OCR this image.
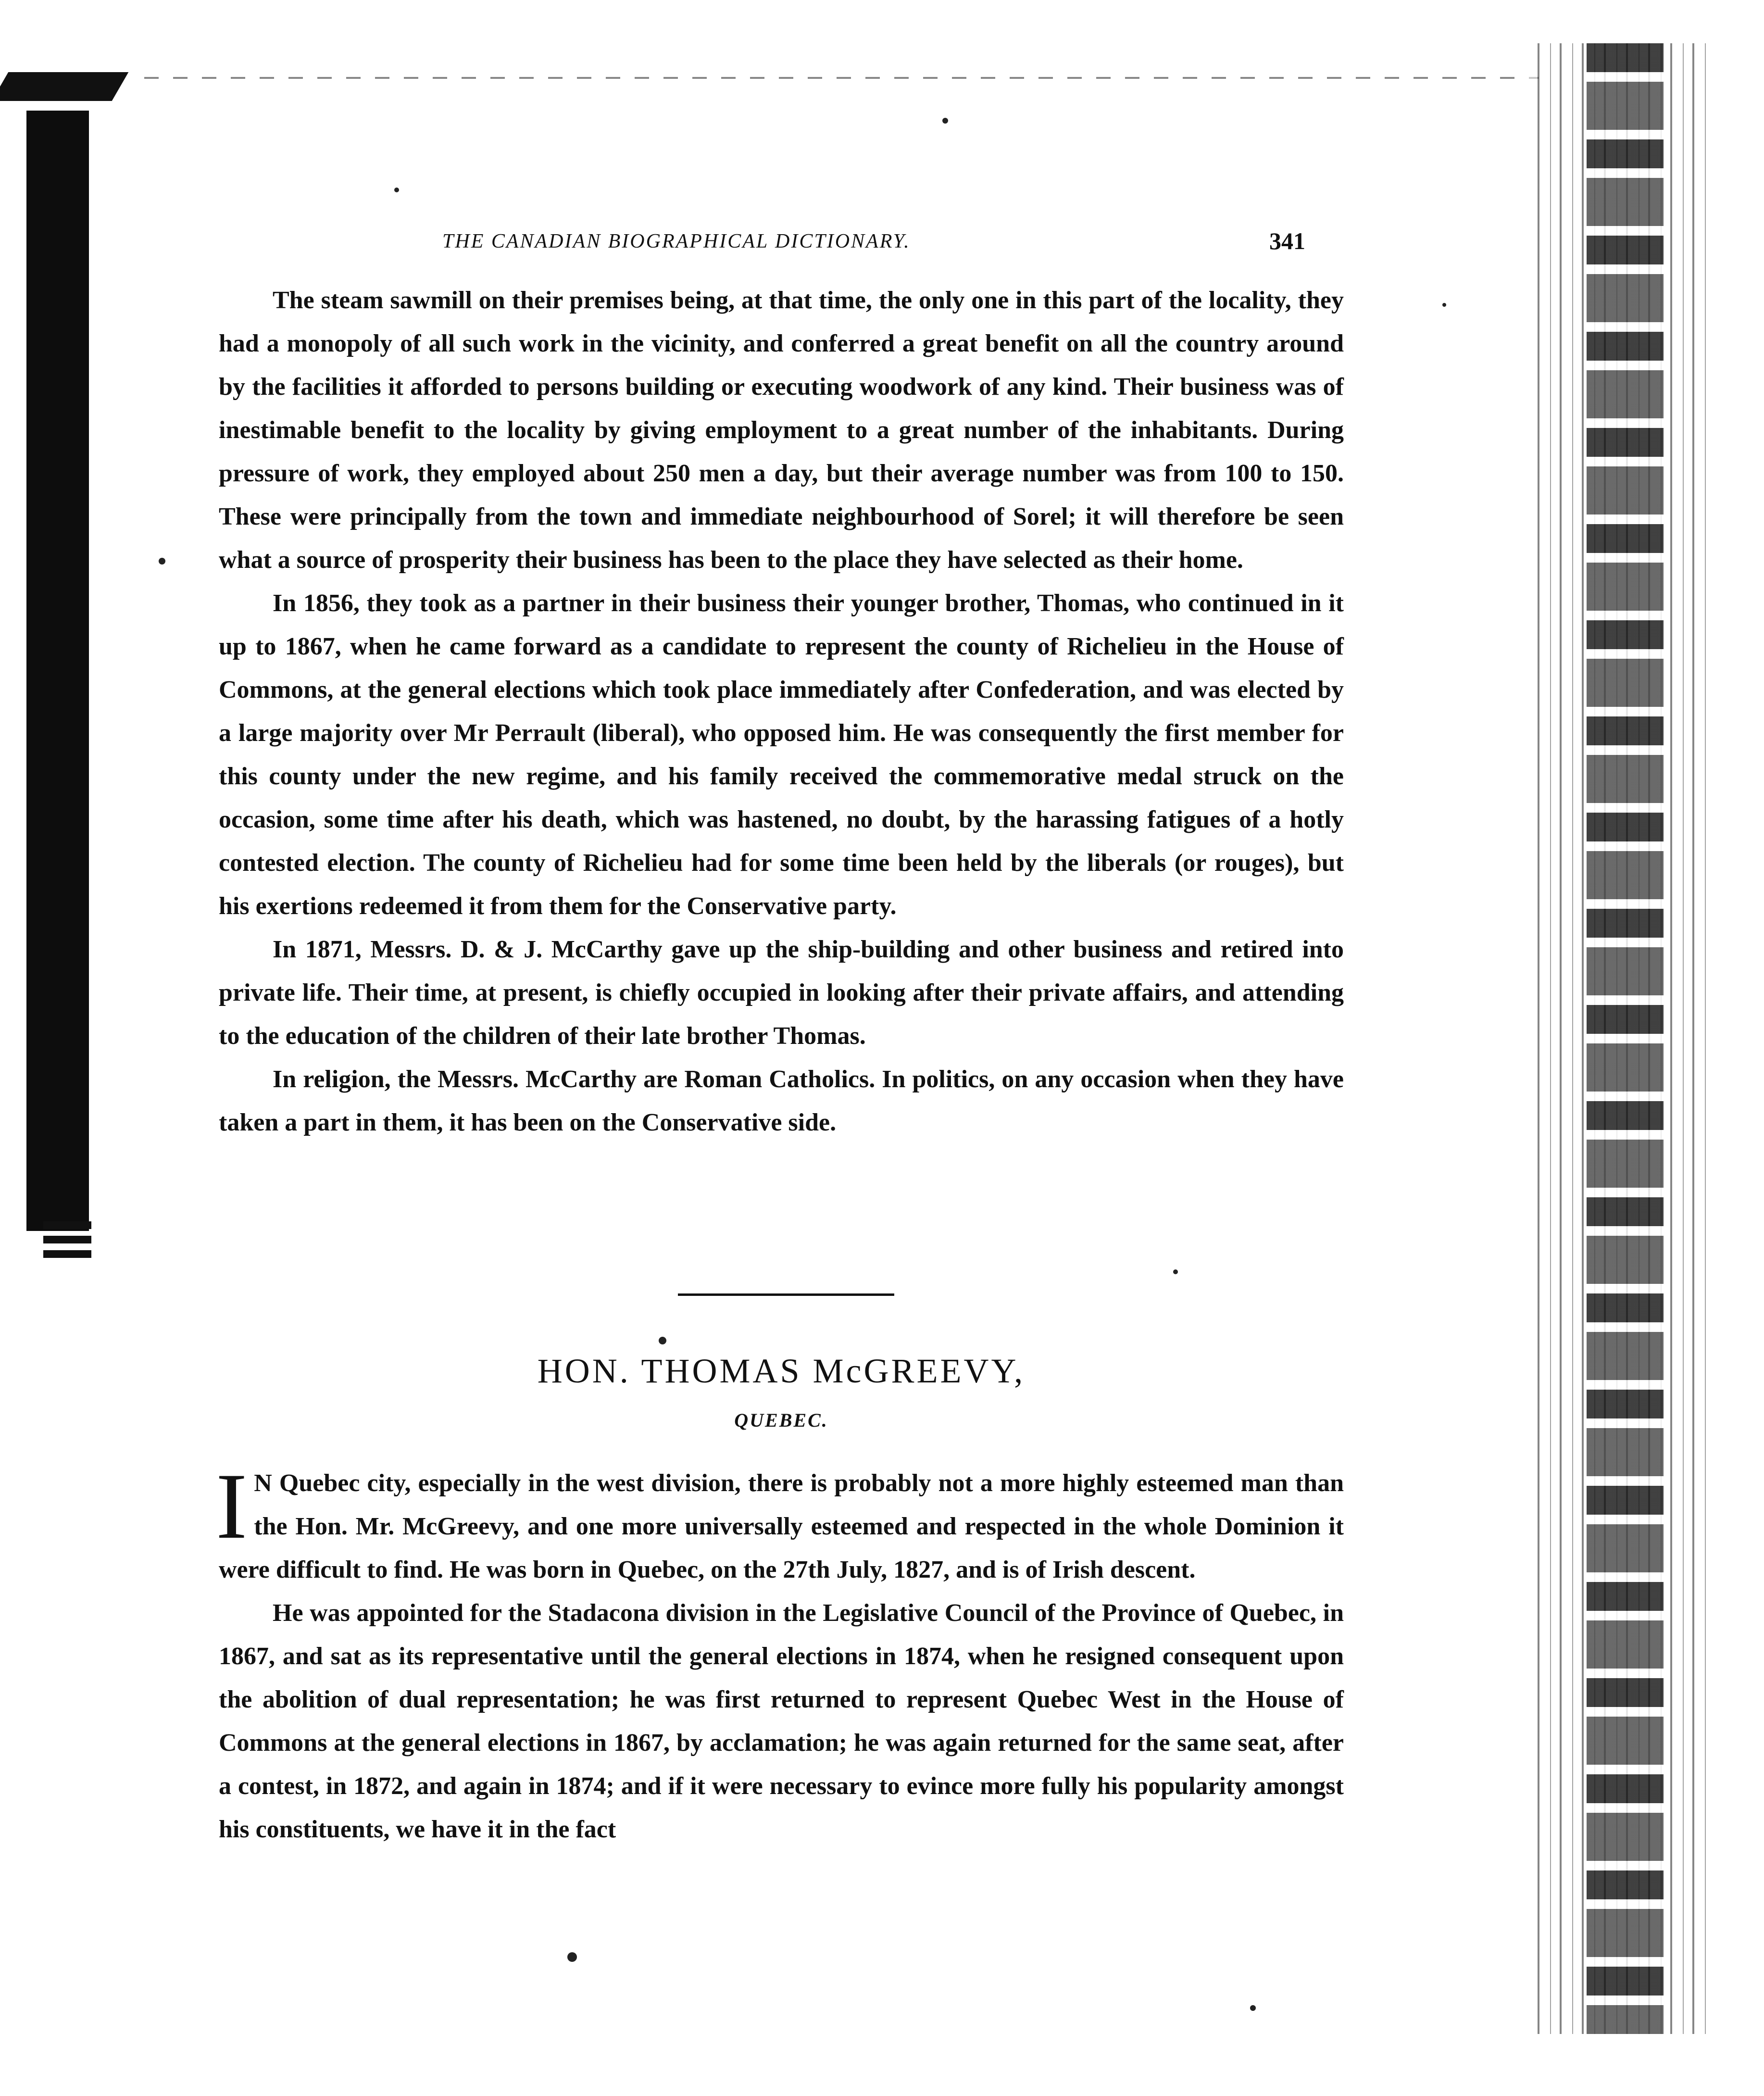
THE CANADIAN BIOGRAPHICAL DICTIONARY.	341

The steam sawmill on their premises being, at that time, the only one in this part of the locality, they had a monopoly of all such work in the vicinity, and conferred a great benefit on all the country around by the facilities it afforded to persons building or executing woodwork of any kind. Their business was of inestimable benefit to the locality by giving employment to a great number of the inhabitants. During pressure of work, they employed about 250 men a day, but their average number was from 100 to 150. These were principally from the town and immediate neighbourhood of Sorel; it will therefore be seen what a source of prosperity their business has been to the place they have selected as their home.

In 1856, they took as a partner in their business their younger brother, Thomas, who continued in it up to 1867, when he came forward as a candidate to represent the county of Richelieu in the House of Commons, at the general elections which took place immediately after Confederation, and was elected by a large majority over Mr Perrault (liberal), who opposed him. He was consequently the first member for this county under the new regime, and his family received the commemorative medal struck on the occasion, some time after his death, which was hastened, no doubt, by the harassing fatigues of a hotly contested election. The county of Richelieu had for some time been held by the liberals (or rouges), but his exertions redeemed it from them for the Conservative party.

In 1871, Messrs. D. & J. McCarthy gave up the ship-building and other business and retired into private life. Their time, at present, is chiefly occupied in looking after their private affairs, and attending to the education of the children of their late brother Thomas.

In religion, the Messrs. McCarthy are Roman Catholics. In politics, on any occasion when they have taken a part in them, it has been on the Conservative side.

HON. THOMAS McGREEVY,
QUEBEC.

I N Quebec city, especially in the west division, there is probably not a more highly esteemed man than the Hon. Mr. McGreevy, and one more universally esteemed and respected in the whole Dominion it were difficult to find. He was born in Quebec, on the 27th July, 1827, and is of Irish descent.

He was appointed for the Stadacona division in the Legislative Council of the Province of Quebec, in 1867, and sat as its representative until the general elections in 1874, when he resigned consequent upon the abolition of dual representation; he was first returned to represent Quebec West in the House of Commons at the general elections in 1867, by acclamation; he was again returned for the same seat, after a contest, in 1872, and again in 1874; and if it were necessary to evince more fully his popularity amongst his constituents, we have it in the fact
